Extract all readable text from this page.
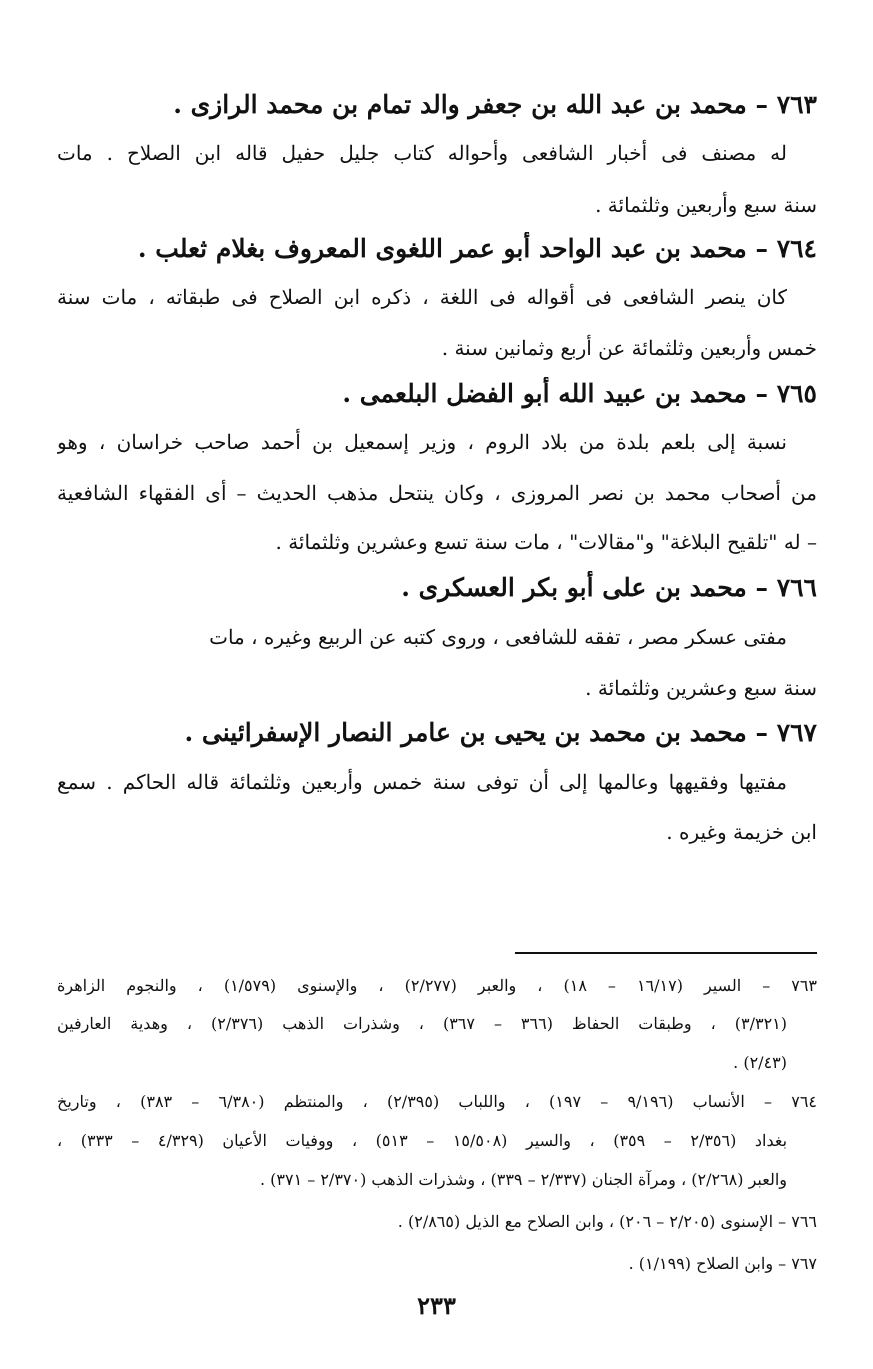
٧٦٣ – محمد بن عبد الله بن جعفر والد تمام بن محمد الرازى .
له مصنف فى أخبار الشافعى وأحواله كتاب جليل حفيل قاله ابن الصلاح . مات
سنة سبع وأربعين وثلثمائة .
٧٦٤ – محمد بن عبد الواحد أبو عمر اللغوى المعروف بغلام ثعلب .
كان ينصر الشافعى فى أقواله فى اللغة ، ذكره ابن الصلاح فى طبقاته ، مات سنة
خمس وأربعين وثلثمائة عن أربع وثمانين سنة .
٧٦٥ – محمد بن عبيد الله أبو الفضل البلعمى .
نسبة إلى بلعم بلدة من بلاد الروم ، وزير إسمعيل بن أحمد صاحب خراسان ، وهو
من أصحاب محمد بن نصر المروزى ، وكان ينتحل مذهب الحديث – أى الفقهاء الشافعية
– له "تلقيح البلاغة" و"مقالات" ، مات سنة تسع وعشرين وثلثمائة .
٧٦٦ – محمد بن على أبو بكر العسكرى .
مفتى عسكر مصر ، تفقه للشافعى ، وروى كتبه عن الربيع وغيره ، مات
سنة سبع وعشرين وثلثمائة .
٧٦٧ – محمد بن محمد بن يحيى بن عامر النصار الإسفرائينى .
مفتيها وفقيهها وعالمها إلى أن توفى سنة خمس وأربعين وثلثمائة قاله الحاكم . سمع
ابن خزيمة وغيره .
٧٦٣ – السير (١٦/١٧ – ١٨) ، والعبر (٢/٢٧٧) ، والإسنوى (١/٥٧٩) ، والنجوم الزاهرة
(٣/٣٢١) ، وطبقات الحفاظ (٣٦٦ – ٣٦٧) ، وشذرات الذهب (٢/٣٧٦) ، وهدية العارفين
(٢/٤٣) .
٧٦٤ – الأنساب (٩/١٩٦ – ١٩٧) ، واللباب (٢/٣٩٥) ، والمنتظم (٦/٣٨٠ – ٣٨٣) ، وتاريخ
بغداد (٢/٣٥٦ – ٣٥٩) ، والسير (١٥/٥٠٨ – ٥١٣) ، ووفيات الأعيان (٤/٣٢٩ – ٣٣٣) ،
والعبر (٢/٢٦٨) ، ومرآة الجنان (٢/٣٣٧ – ٣٣٩) ، وشذرات الذهب (٢/٣٧٠ – ٣٧١) .
٧٦٦ – الإسنوى (٢/٢٠٥ – ٢٠٦) ، وابن الصلاح مع الذيل (٢/٨٦٥) .
٧٦٧ – وابن الصلاح (١/١٩٩) .
٢٣٣
